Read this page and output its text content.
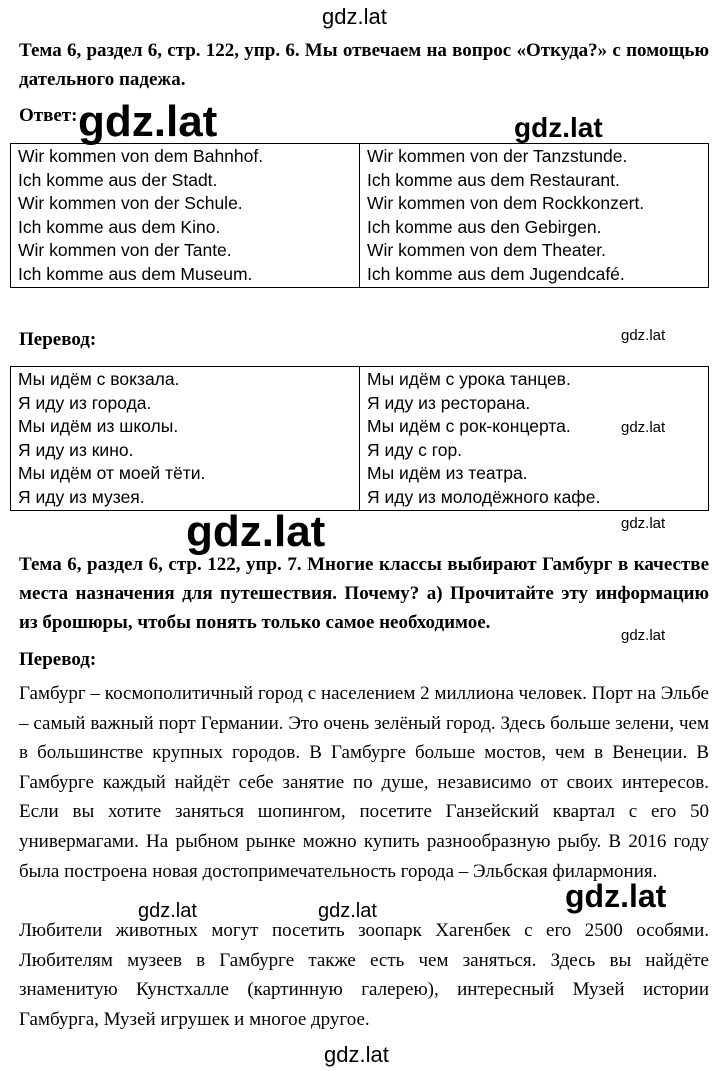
Тема 6, раздел 6, стр. 122, упр. 6. Мы отвечаем на вопрос «Откуда?» с помощью дательного падежа.
Ответ:
Wir kommen von dem Bahnhof.
Ich komme aus der Stadt.
Wir kommen von der Schule.
Ich komme aus dem Kino.
Wir kommen von der Tante.
Ich komme aus dem Museum.

Wir kommen von der Tanzstunde.
Ich komme aus dem Restaurant.
Wir kommen von dem Rockkonzert.
Ich komme aus den Gebirgen.
Wir kommen von dem Theater.
Ich komme aus dem Jugendcafé.
Перевод:
Мы идём с вокзала.
Я иду из города.
Мы идём из школы.
Я иду из кино.
Мы идём от моей тёти.
Я иду из музея.

Мы идём с урока танцев.
Я иду из ресторана.
Мы идём с рок-концерта.
Я иду с гор.
Мы идём из театра.
Я иду из молодёжного кафе.
Тема 6, раздел 6, стр. 122, упр. 7. Многие классы выбирают Гамбург в качестве места назначения для путешествия. Почему? а) Прочитайте эту информацию из брошюры, чтобы понять только самое необходимое.
Перевод:
Гамбург – космополитичный город с населением 2 миллиона человек. Порт на Эльбе – самый важный порт Германии. Это очень зелёный город. Здесь больше зелени, чем в большинстве крупных городов. В Гамбурге больше мостов, чем в Венеции. В Гамбурге каждый найдёт себе занятие по душе, независимо от своих интересов. Если вы хотите заняться шопингом, посетите Ганзейский квартал с его 50 универмагами. На рыбном рынке можно купить разнообразную рыбу. В 2016 году была построена новая достопримечательность города – Эльбская филармония.
Любители животных могут посетить зоопарк Хагенбек с его 2500 особями. Любителям музеев в Гамбурге также есть чем заняться. Здесь вы найдёте знаменитую Кунстхалле (картинную галерею), интересный Музей истории Гамбурга, Музей игрушек и многое другое.
gdz.lat
gdz.lat	gdz.lat
gdz.lat
gdz.lat
gdz.lat	gdz.lat
gdz.lat
gdz.lat
gdz.lat	gdz.lat
gdz.lat
